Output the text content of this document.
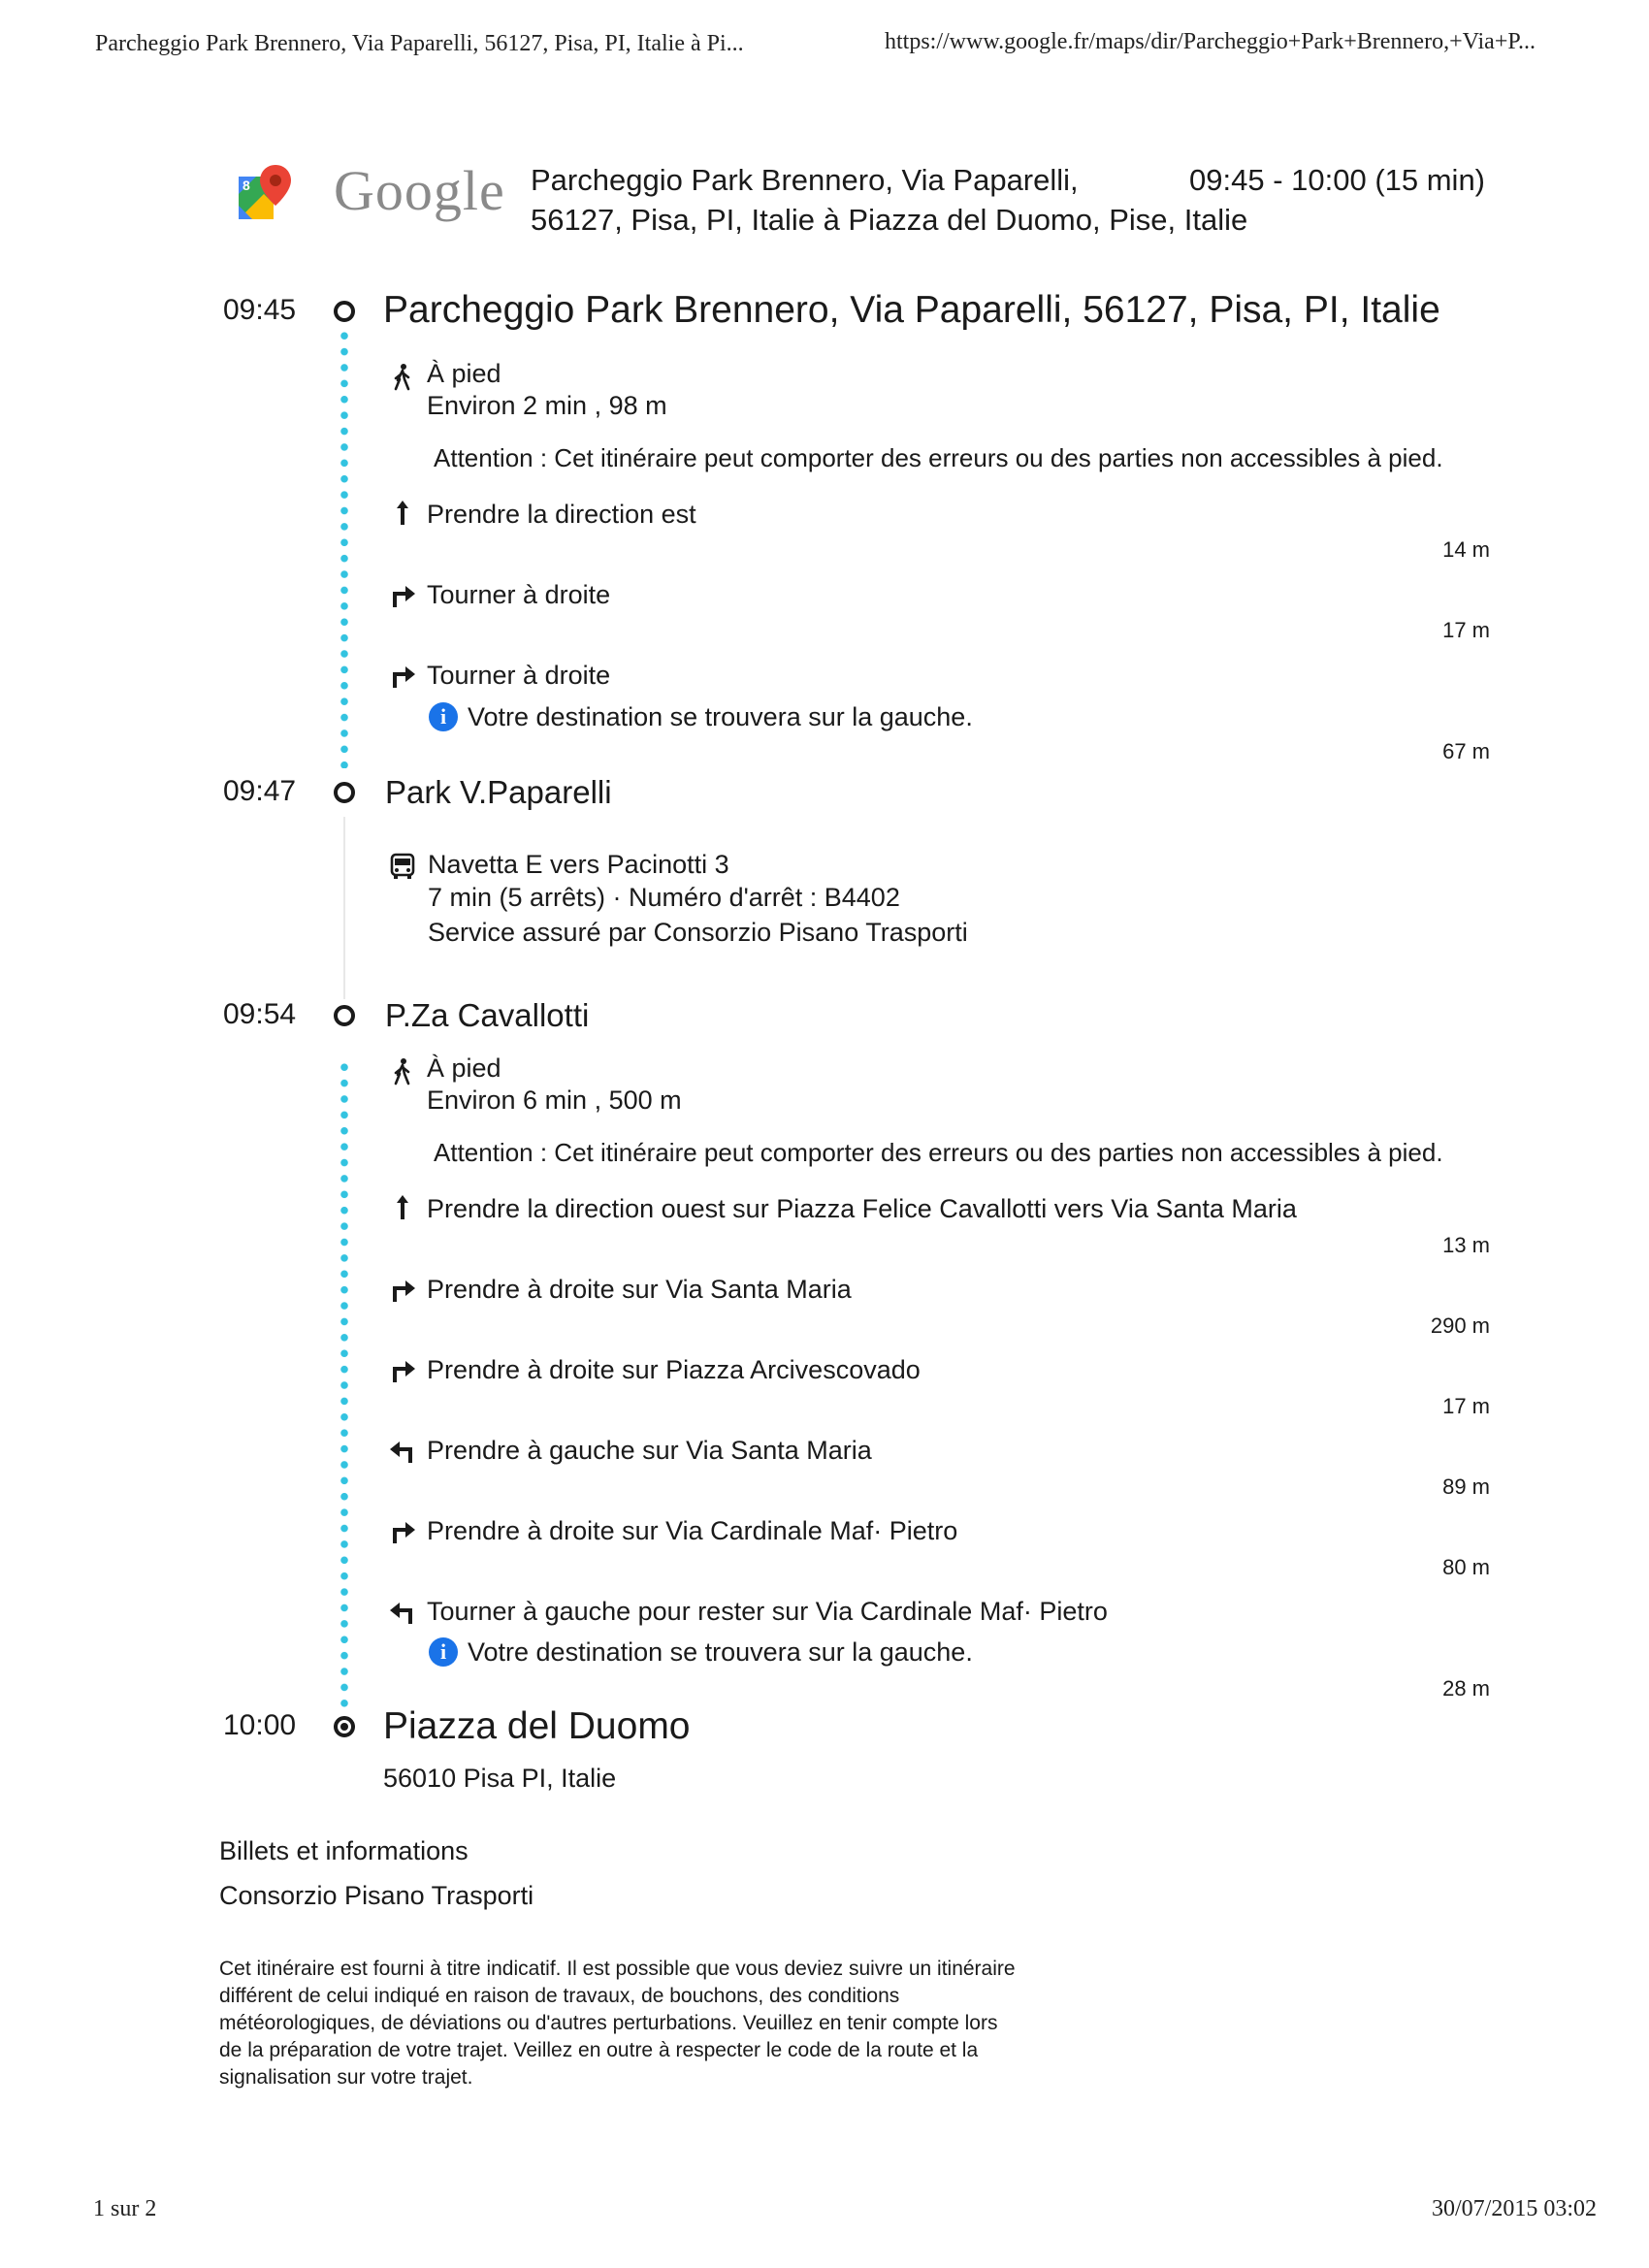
Parcheggio Park Brennero, Via Paparelli, 56127, Pisa, PI, Italie à Pi...	https://www.google.fr/maps/dir/Parcheggio+Park+Brennero,+Via+P...
1 sur 2	30/07/2015 03:02
8 Google Parcheggio Park Brennero, Via Paparelli,
56127, Pisa, PI, Italie à Piazza del Duomo, Pise, Italie
09:45 - 10:00 (15 min)
09:45 Parcheggio Park Brennero, Via Paparelli, 56127, Pisa, PI, Italie
À pied
Environ 2 min , 98 m
Attention : Cet itinéraire peut comporter des erreurs ou des parties non accessibles à pied.
Prendre la direction est
14 m
Tourner à droite
17 m
Tourner à droite
i Votre destination se trouvera sur la gauche.
67 m
09:47	Park V.Paparelli
Navetta E vers Pacinotti 3
7 min (5 arrêts) · Numéro d'arrêt : B4402
Service assuré par Consorzio Pisano Trasporti
09:54	P.Za Cavallotti
À pied
Environ 6 min , 500 m
Attention : Cet itinéraire peut comporter des erreurs ou des parties non accessibles à pied.
Prendre la direction ouest sur Piazza Felice Cavallotti vers Via Santa Maria
13 m
Prendre à droite sur Via Santa Maria
290 m
Prendre à droite sur Piazza Arcivescovado
17 m
Prendre à gauche sur Via Santa Maria
89 m
Prendre à droite sur Via Cardinale Maf· Pietro
80 m
Tourner à gauche pour rester sur Via Cardinale Maf· Pietro
i Votre destination se trouvera sur la gauche.
28 m
10:00 Piazza del Duomo
56010 Pisa PI, Italie
Billets et informations
Consorzio Pisano Trasporti
Cet itinéraire est fourni à titre indicatif. Il est possible que vous deviez suivre un itinéraire différent de celui indiqué en raison de travaux, de bouchons, des conditions météorologiques, de déviations ou d'autres perturbations. Veuillez en tenir compte lors de la préparation de votre trajet. Veillez en outre à respecter le code de la route et la signalisation sur votre trajet.
